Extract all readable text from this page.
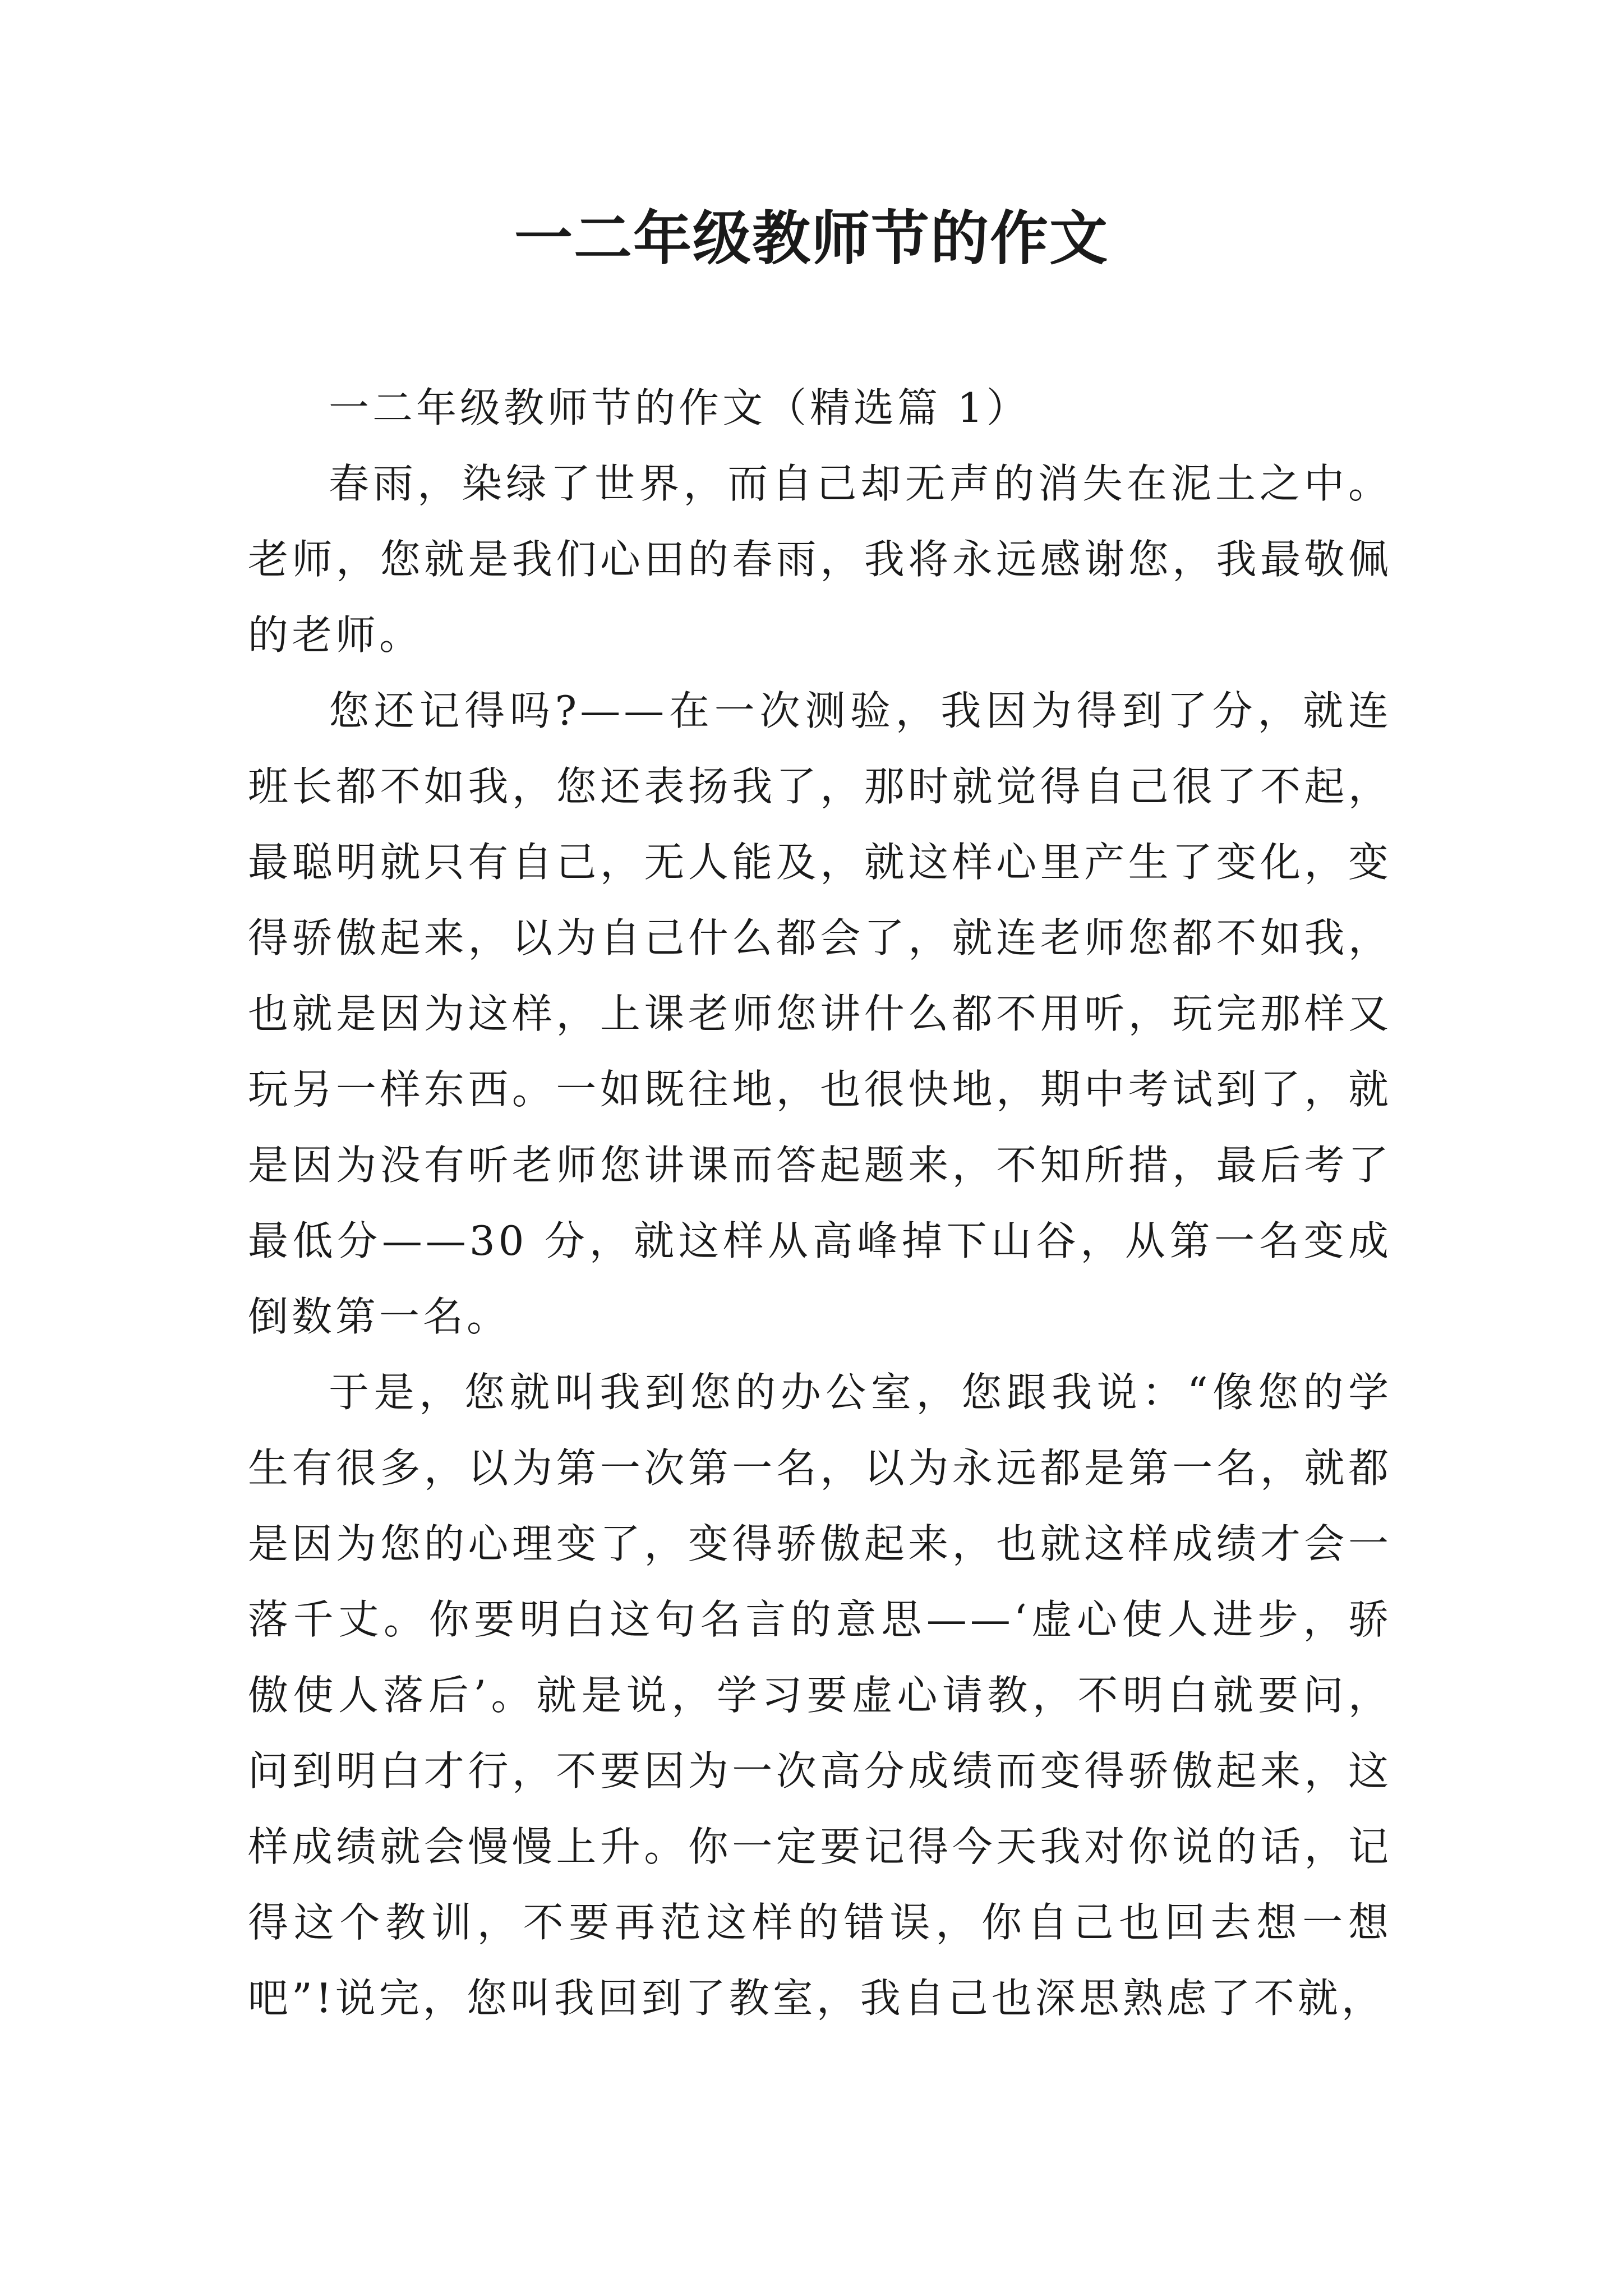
一二年级教师节的作文

一二年级教师节的作文（精选篇 1）

春雨，染绿了世界，而自己却无声的消失在泥土之中。老师，您就是我们心田的春雨，我将永远感谢您，我最敬佩的老师。

您还记得吗?——在一次测验，我因为得到了分，就连班长都不如我，您还表扬我了，那时就觉得自己很了不起，最聪明就只有自己，无人能及，就这样心里产生了变化，变得骄傲起来，以为自己什么都会了，就连老师您都不如我，也就是因为这样，上课老师您讲什么都不用听，玩完那样又玩另一样东西。一如既往地，也很快地，期中考试到了，就是因为没有听老师您讲课而答起题来，不知所措，最后考了最低分——30 分，就这样从高峰掉下山谷，从第一名变成倒数第一名。

于是，您就叫我到您的办公室，您跟我说：“像您的学生有很多，以为第一次第一名，以为永远都是第一名，就都是因为您的心理变了，变得骄傲起来，也就这样成绩才会一落千丈。你要明白这句名言的意思——‘虚心使人进步，骄傲使人落后’。就是说，学习要虚心请教，不明白就要问，问到明白才行，不要因为一次高分成绩而变得骄傲起来，这样成绩就会慢慢上升。你一定要记得今天我对你说的话，记得这个教训，不要再范这样的错误，你自己也回去想一想吧”!说完，您叫我回到了教室，我自己也深思熟虑了不就，
